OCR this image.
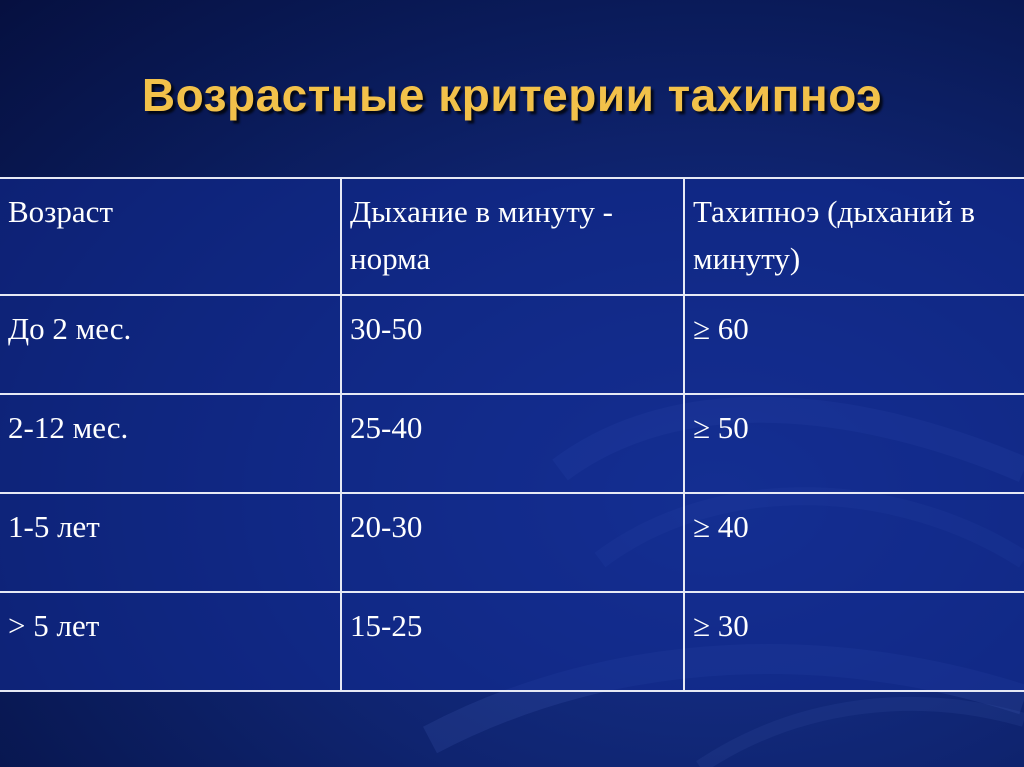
Возрастные критерии тахипноэ
Возраст	Дыхание в минуту - норма	Тахипноэ (дыханий в минуту)
До 2 мес.	30-50	≥ 60
2-12 мес.	25-40	≥ 50
1-5 лет	20-30	≥ 40
> 5 лет	15-25	≥ 30
